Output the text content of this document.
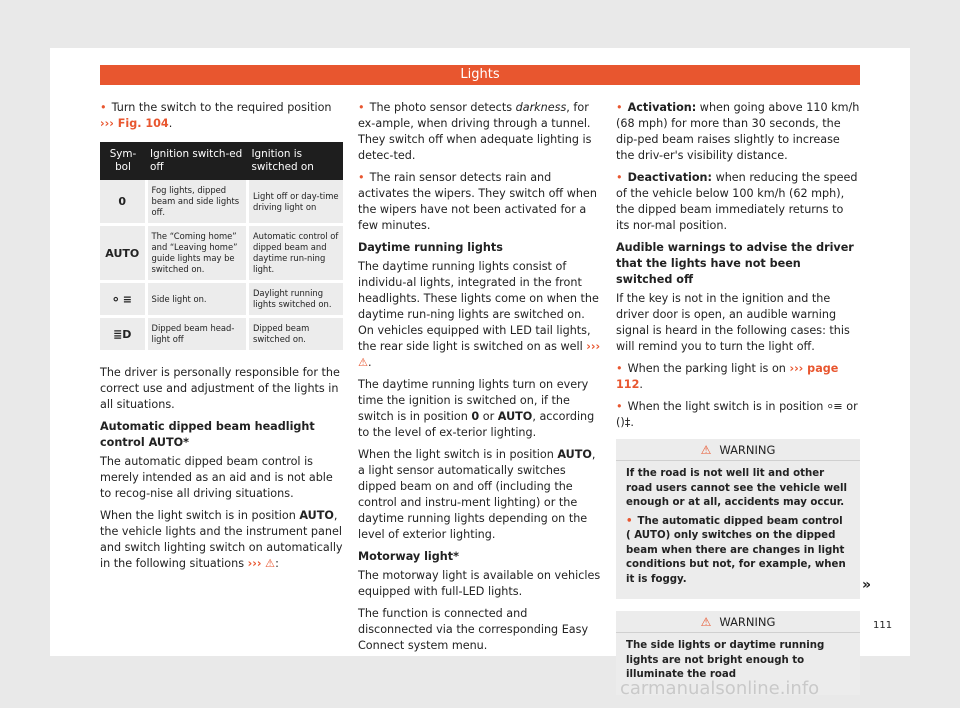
Lights

• Turn the switch to the required position ››› Fig. 104.

Sym-bol	Ignition switch-ed off	Ignition is switched on
0	Fog lights, dipped beam and side lights off.	Light off or day-time driving light on
AUTO	The “Coming home” and “Leaving home” guide lights may be switched on.	Automatic control of dipped beam and daytime run-ning light.
⸰ ≡	Side light on.	Daylight running lights switched on.
≣D	Dipped beam head-light off	Dipped beam switched on.

The driver is personally responsible for the correct use and adjustment of the lights in all situations.

Automatic dipped beam headlight control AUTO*

The automatic dipped beam control is merely intended as an aid and is not able to recog-nise all driving situations.

When the light switch is in position AUTO, the vehicle lights and the instrument panel and switch lighting switch on automatically in the following situations ››› ⚠:

• The photo sensor detects darkness, for ex-ample, when driving through a tunnel. They switch off when adequate lighting is detec-ted.

• The rain sensor detects rain and activates the wipers. They switch off when the wipers have not been activated for a few minutes.

Daytime running lights

The daytime running lights consist of individu-al lights, integrated in the front headlights. These lights come on when the daytime run-ning lights are switched on. On vehicles equipped with LED tail lights, the rear side light is switched on as well ››› ⚠.

The daytime running lights turn on every time the ignition is switched on, if the switch is in position 0 or AUTO, according to the level of ex-terior lighting.

When the light switch is in position AUTO, a light sensor automatically switches dipped beam on and off (including the control and instru-ment lighting) or the daytime running lights depending on the level of exterior lighting.

Motorway light*

The motorway light is available on vehicles equipped with full-LED lights.

The function is connected and disconnected via the corresponding Easy Connect system menu.

• Activation: when going above 110 km/h (68 mph) for more than 30 seconds, the dip-ped beam raises slightly to increase the driv-er's visibility distance.

• Deactivation: when reducing the speed of the vehicle below 100 km/h (62 mph), the dipped beam immediately returns to its nor-mal position.

Audible warnings to advise the driver that the lights have not been switched off

If the key is not in the ignition and the driver door is open, an audible warning signal is heard in the following cases: this will remind you to turn the light off.

• When the parking light is on ››› page 112.

• When the light switch is in position ⸰≡ or ()‡.

⚠ WARNING

If the road is not well lit and other road users cannot see the vehicle well enough or at all, accidents may occur.

• The automatic dipped beam control ( AUTO) only switches on the dipped beam when there are changes in light conditions but not, for example, when it is foggy.

⚠ WARNING

The side lights or daytime running lights are not bright enough to illuminate the road

»
111
carmanualsonline.info
